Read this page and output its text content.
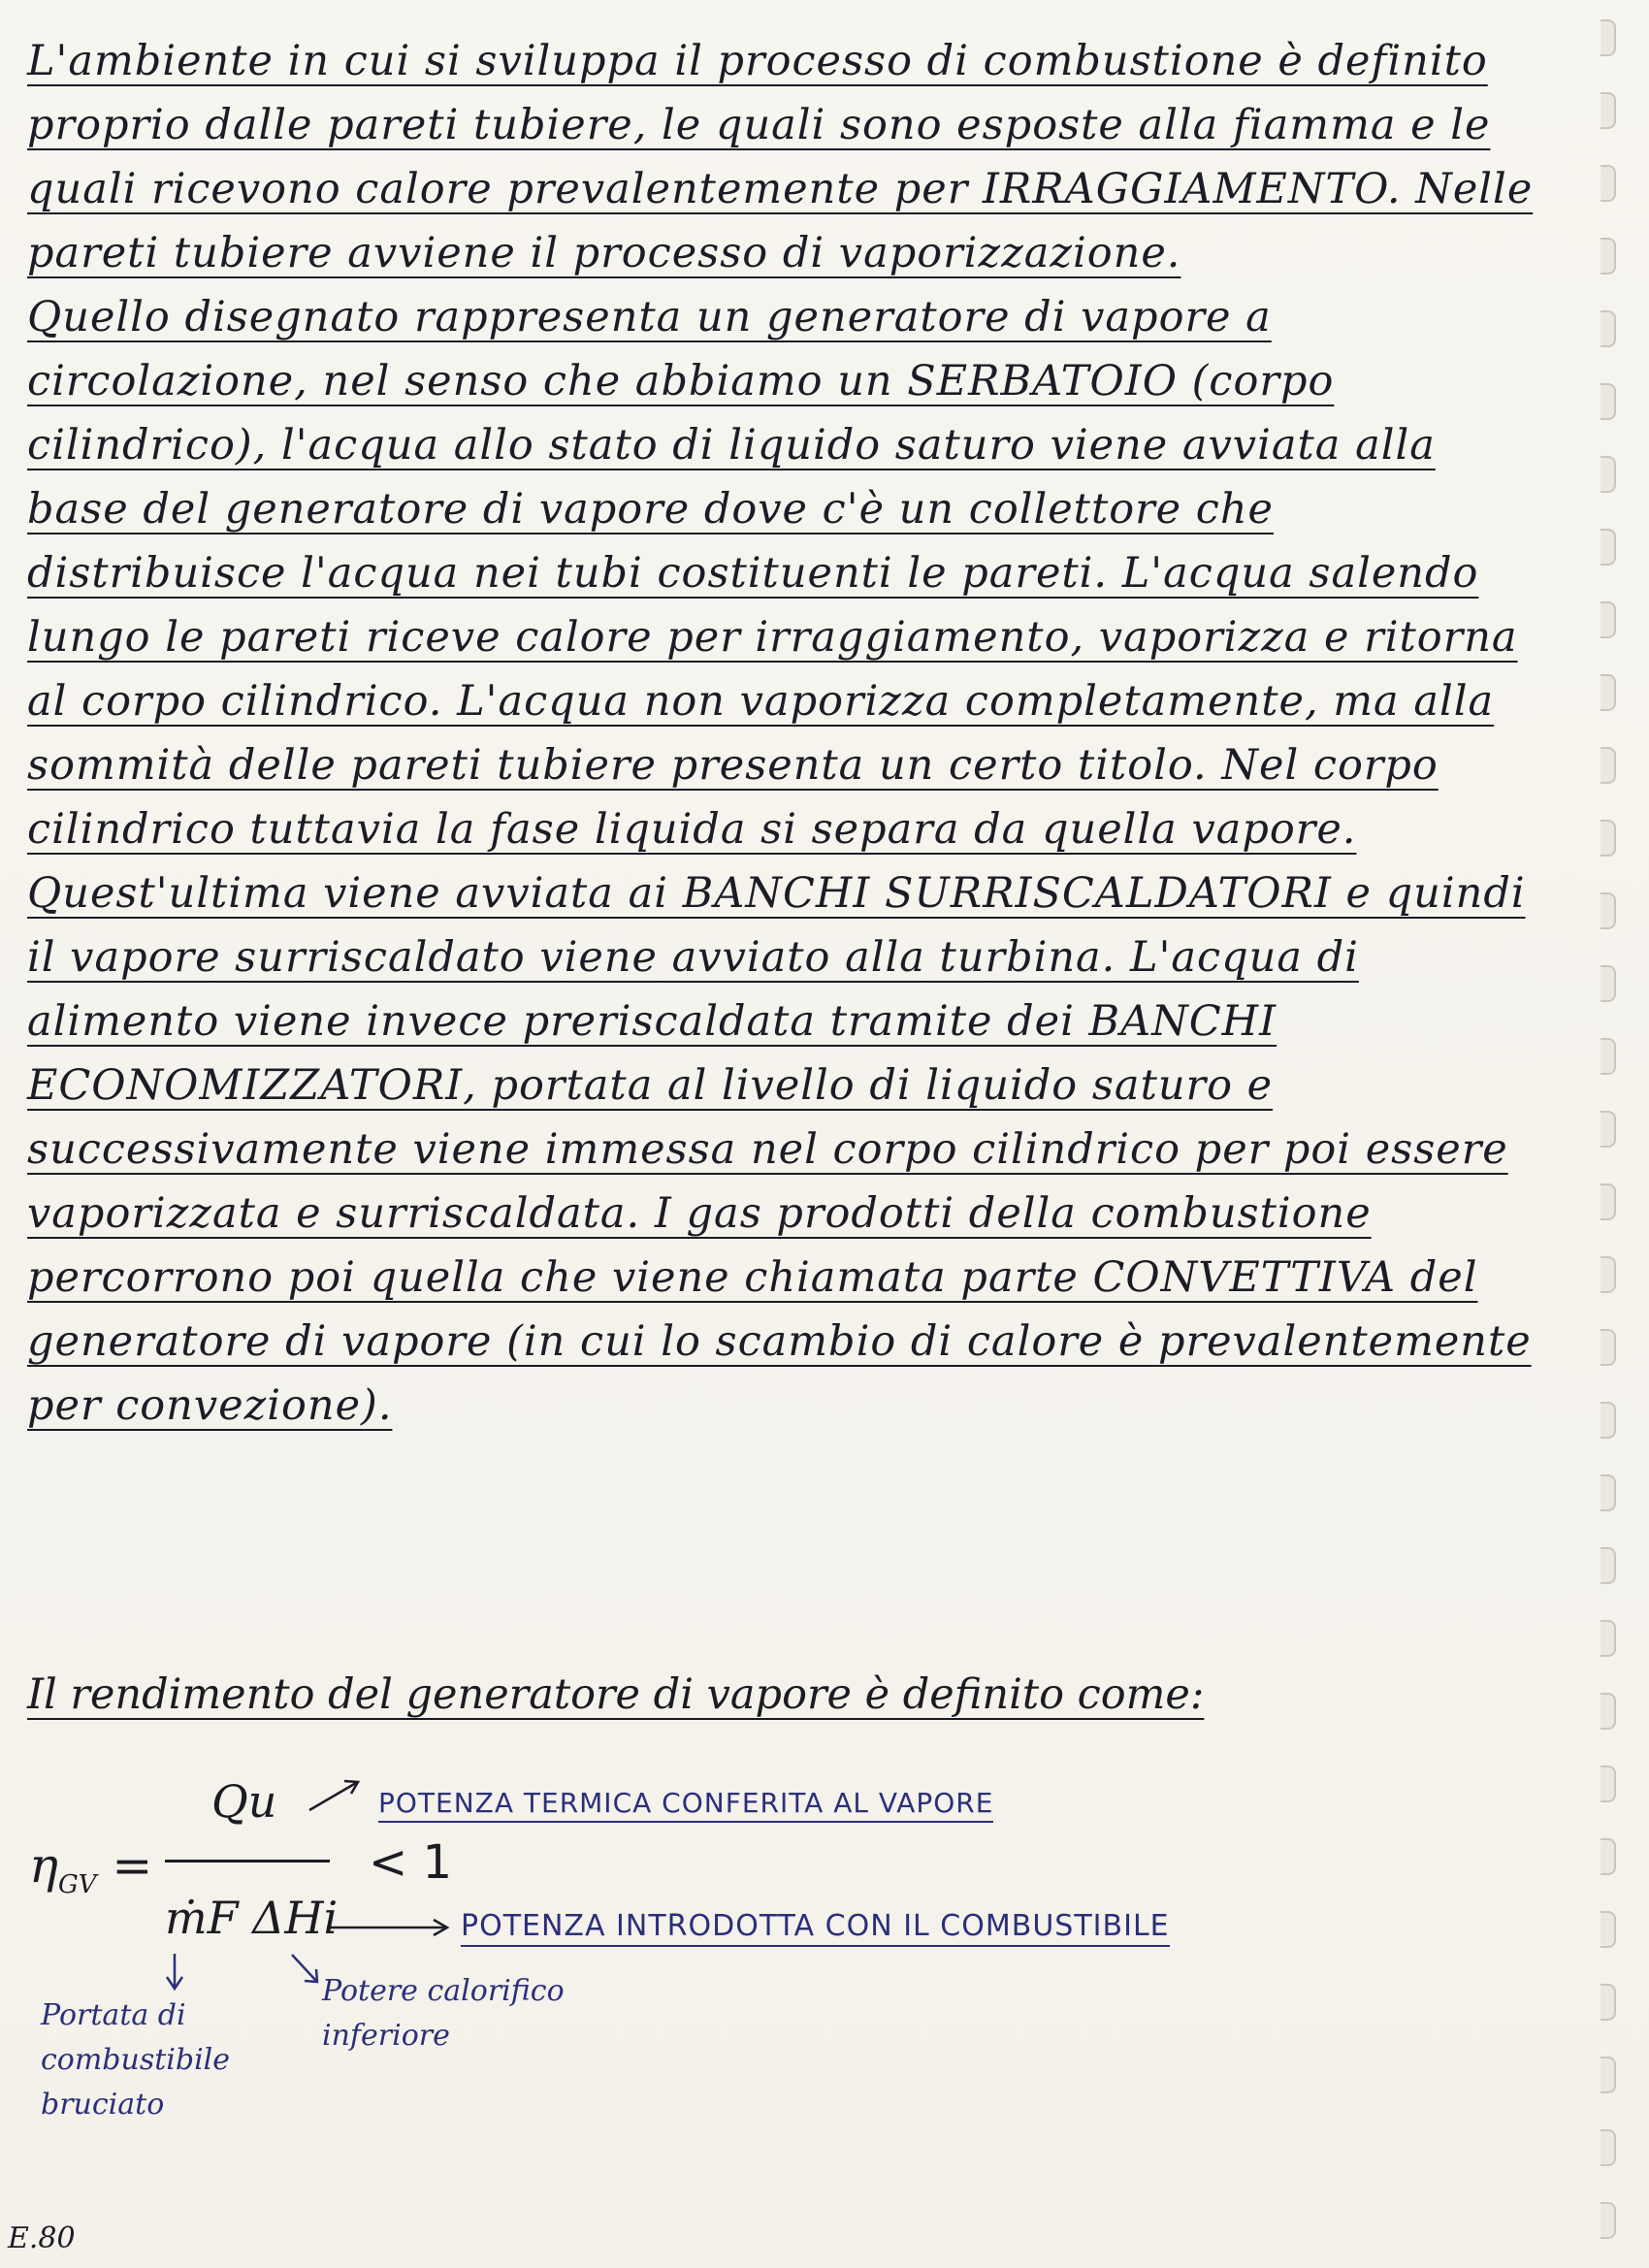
L'ambiente in cui si sviluppa il processo di combustione è definito proprio dalle pareti tubiere, le quali sono esposte alla fiamma e le quali ricevono calore prevalentemente per IRRAGGIAMENTO. Nelle pareti tubiere avviene il processo di vaporizzazione.

Quello disegnato rappresenta un generatore di vapore a circolazione, nel senso che abbiamo un SERBATOIO (corpo cilindrico), l'acqua allo stato di liquido saturo viene avviata alla base del generatore di vapore dove c'è un collettore che distribuisce l'acqua nei tubi costituenti le pareti. L'acqua salendo lungo le pareti riceve calore per irraggiamento, vaporizza e ritorna al corpo cilindrico. L'acqua non vaporizza completamente, ma alla sommità delle pareti tubiere presenta un certo titolo. Nel corpo cilindrico tuttavia la fase liquida si separa da quella vapore. Quest'ultima viene avviata ai BANCHI SURRISCALDATORI e quindi il vapore surriscaldato viene avviato alla turbina. L'acqua di alimento viene invece preriscaldata tramite dei BANCHI ECONOMIZZATORI, portata al livello di liquido saturo e successivamente viene immessa nel corpo cilindrico per poi essere vaporizzata e surriscaldata. I gas prodotti della combustione percorrono poi quella che viene chiamata parte CONVETTIVA del generatore di vapore (in cui lo scambio di calore è prevalentemente per convezione).

Il rendimento del generatore di vapore è definito come:
$\eta_{GV}$ =
Qu
ṁF ΔHi
< 1
POTENZA TERMICA CONFERITA AL VAPORE
POTENZA INTRODOTTA CON IL COMBUSTIBILE
Portata di combustibile bruciato
Potere calorifico inferiore
E.80
